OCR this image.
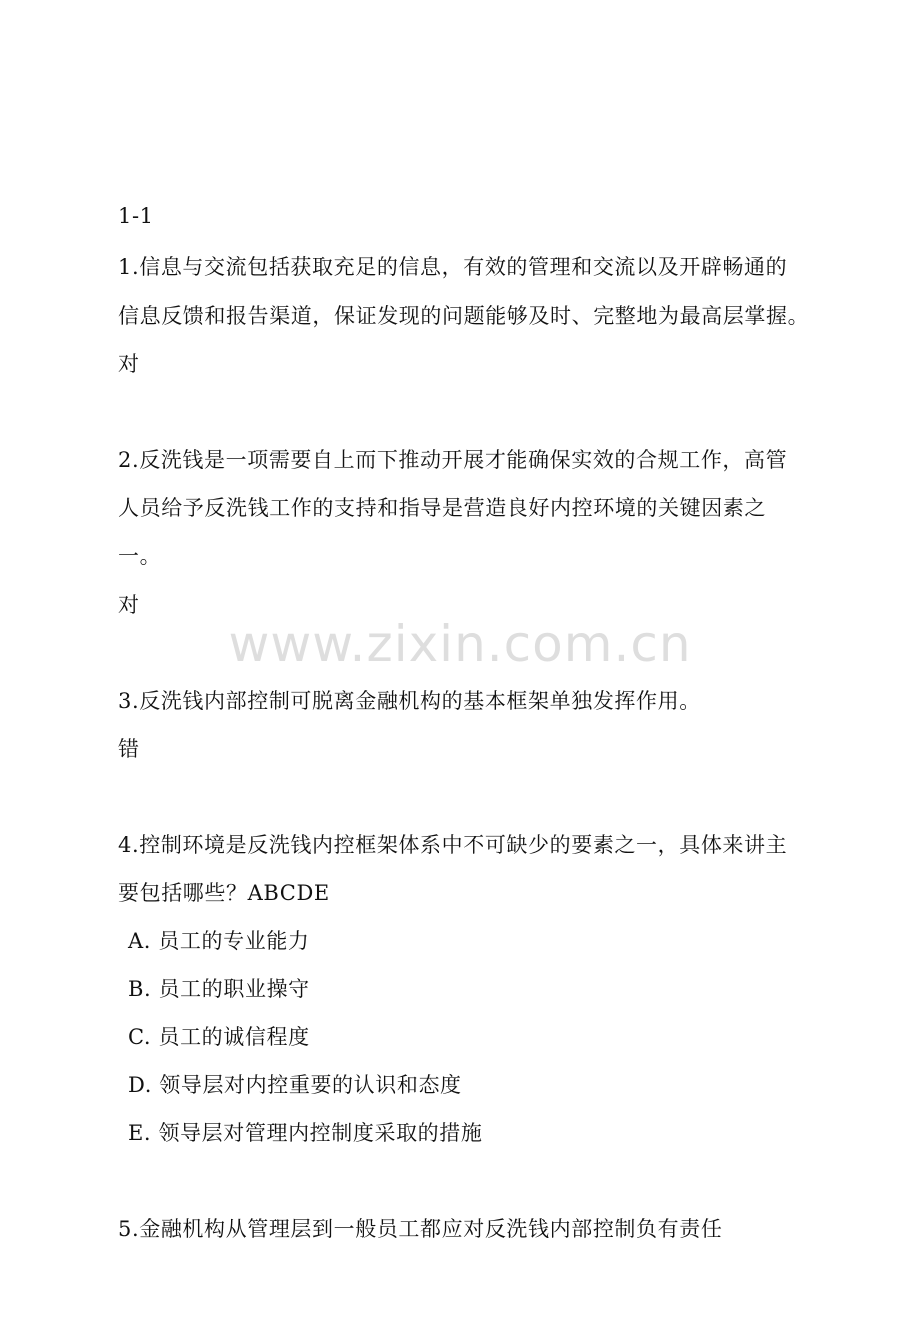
1-1
1.信息与交流包括获取充足的信息，有效的管理和交流以及开辟畅通的
信息反馈和报告渠道，保证发现的问题能够及时、完整地为最高层掌握。
对
2.反洗钱是一项需要自上而下推动开展才能确保实效的合规工作，高管
人员给予反洗钱工作的支持和指导是营造良好内控环境的关键因素之
一。
对
www.zixin.com.cn
3.反洗钱内部控制可脱离金融机构的基本框架单独发挥作用。
错
4.控制环境是反洗钱内控框架体系中不可缺少的要素之一，具体来讲主
要包括哪些？ABCDE
A. 员工的专业能力
B. 员工的职业操守
C. 员工的诚信程度
D. 领导层对内控重要的认识和态度
E. 领导层对管理内控制度采取的措施
5.金融机构从管理层到一般员工都应对反洗钱内部控制负有责任
